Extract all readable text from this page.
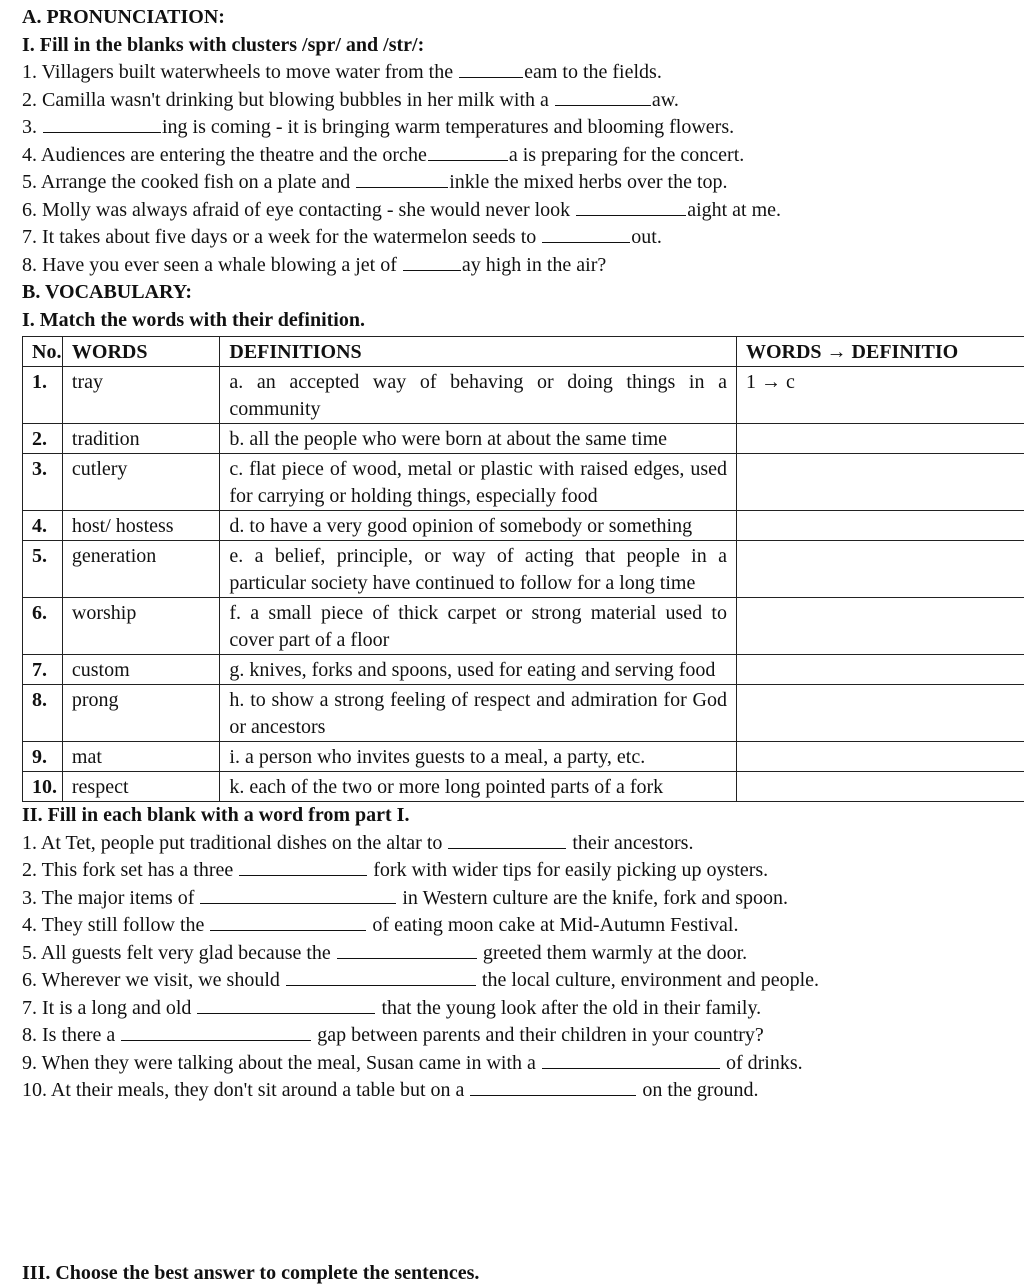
A. PRONUNCIATION:
I. Fill in the blanks with clusters /spr/ and /str/:
1. Villagers built waterwheels to move water from the	eam to the fields.
2. Camilla wasn't drinking but blowing bubbles in her milk with a	aw.
3.	ing is coming - it is bringing warm temperatures and blooming flowers.
4. Audiences are entering the theatre and the orche	a is preparing for the concert.
5. Arrange the cooked fish on a plate and	inkle the mixed herbs over the top.
6. Molly was always afraid of eye contacting - she would never look	aight at me.
7. It takes about five days or a week for the watermelon seeds to	out.
8. Have you ever seen a whale blowing a jet of	ay high in the air?
B. VOCABULARY:
I. Match the words with their definition.
No.	WORDS	DEFINITIONS	WORDS → DEFINITIO
1.	tray	a. an accepted way of behaving or doing things in a community	1 → c
2.	tradition	b. all the people who were born at about the same time	
3.	cutlery	c. flat piece of wood, metal or plastic with raised edges, used for carrying or holding things, especially food	
4.	host/ hostess	d. to have a very good opinion of somebody or something	
5.	generation	e. a belief, principle, or way of acting that people in a particular society have continued to follow for a long time	
6.	worship	f. a small piece of thick carpet or strong material used to cover part of a floor	
7.	custom	g. knives, forks and spoons, used for eating and serving food	
8.	prong	h. to show a strong feeling of respect and admiration for God or ancestors	
9.	mat	i. a person who invites guests to a meal, a party, etc.	
10.	respect	k. each of the two or more long pointed parts of a fork	
II. Fill in each blank with a word from part I.
1. At Tet, people put traditional dishes on the altar to	their ancestors.
2. This fork set has a three	fork with wider tips for easily picking up oysters.
3. The major items of	in Western culture are the knife, fork and spoon.
4. They still follow the	of eating moon cake at Mid-Autumn Festival.
5. All guests felt very glad because the	greeted them warmly at the door.
6. Wherever we visit, we should	the local culture, environment and people.
7. It is a long and old	that the young look after the old in their family.
8. Is there a	gap between parents and their children in your country?
9. When they were talking about the meal, Susan came in with a	of drinks.
10. At their meals, they don't sit around a table but on a	on the ground.
III. Choose the best answer to complete the sentences.
